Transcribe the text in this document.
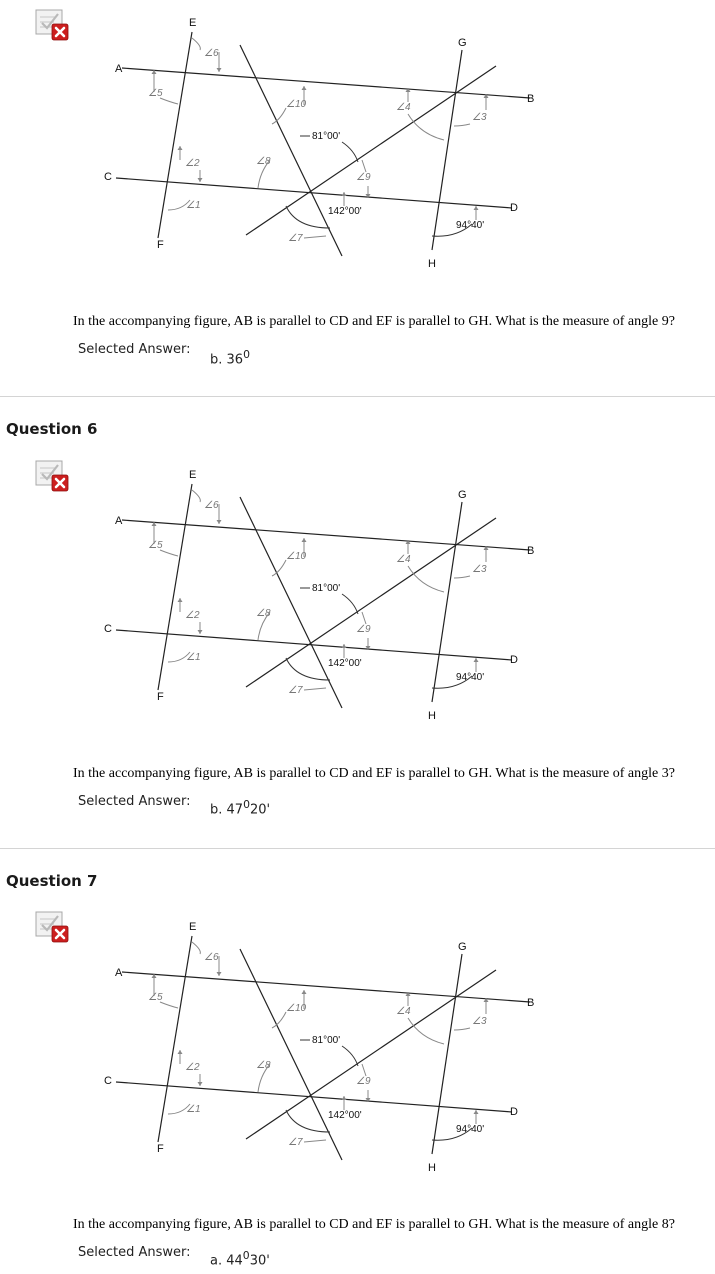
A
B
C
D
E
F
G
H
∠6
∠5
∠2
∠1
∠8
∠10
81°00'
∠9
142°00'
∠7
∠4
∠3
94°40'
In the accompanying figure, AB is parallel to CD and EF is parallel to GH. What is the measure of angle 9?
Selected Answer:
b. $36^0$
Question 6
A
B
C
D
E
F
G
H
∠6
∠5
∠2
∠1
∠8
∠10
81°00'
∠9
142°00'
∠7
∠4
∠3
94°40'
In the accompanying figure, AB is parallel to CD and EF is parallel to GH. What is the measure of angle 3?
Selected Answer:
b. $47^020'$
Question 7
A
B
C
D
E
F
G
H
∠6
∠5
∠2
∠1
∠8
∠10
81°00'
∠9
142°00'
∠7
∠4
∠3
94°40'
In the accompanying figure, AB is parallel to CD and EF is parallel to GH. What is the measure of angle 8?
Selected Answer:
a. $44^030'$
